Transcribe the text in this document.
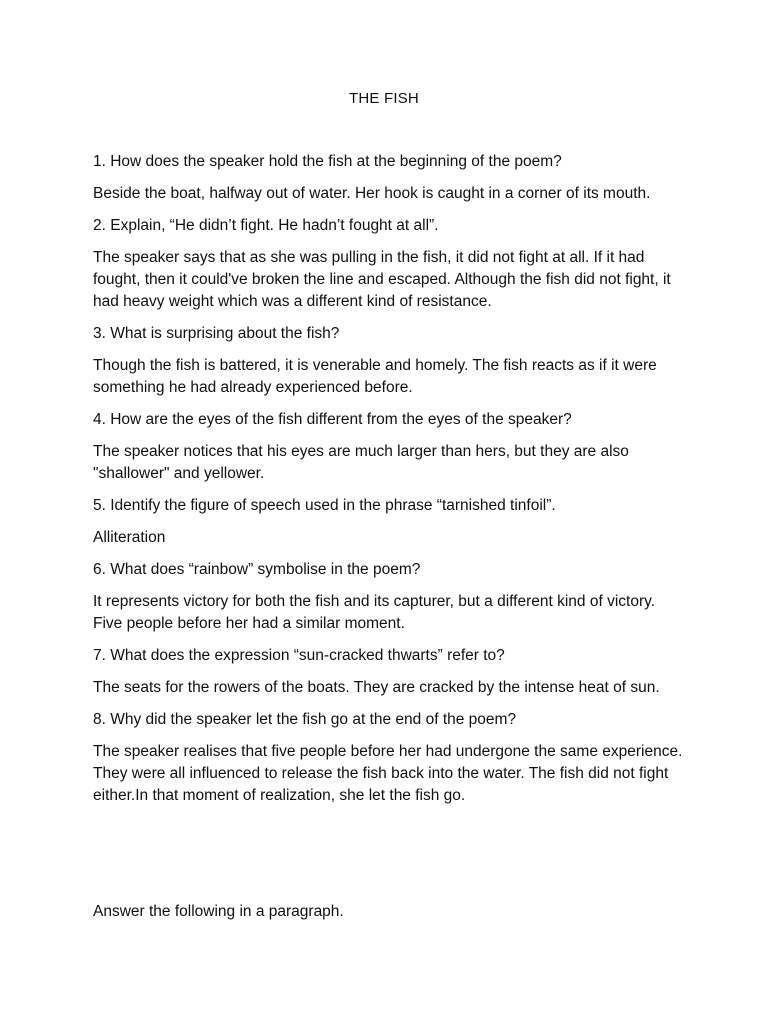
THE FISH

1. How does the speaker hold the fish at the beginning of the poem?

Beside the boat, halfway out of water. Her hook is caught in a corner of its mouth.

2. Explain, “He didn’t fight. He hadn’t fought at all”.

The speaker says that as she was pulling in the fish, it did not fight at all. If it had fought, then it could've broken the line and escaped. Although the fish did not fight, it had heavy weight which was a different kind of resistance.

3. What is surprising about the fish?

Though the fish is battered, it is venerable and homely. The fish reacts as if it were something he had already experienced before.

4. How are the eyes of the fish different from the eyes of the speaker?

The speaker notices that his eyes are much larger than hers, but they are also "shallower" and yellower.

5. Identify the figure of speech used in the phrase “tarnished tinfoil”.

Alliteration

6. What does “rainbow” symbolise in the poem?

It represents victory for both the fish and its capturer, but a different kind of victory. Five people before her had a similar moment.

7. What does the expression “sun-cracked thwarts” refer to?

The seats for the rowers of the boats. They are cracked by the intense heat of sun.

8. Why did the speaker let the fish go at the end of the poem?

The speaker realises that five people before her had undergone the same experience. They were all influenced to release the fish back into the water. The fish did not fight either.In that moment of realization, she let the fish go.

Answer the following in a paragraph.
